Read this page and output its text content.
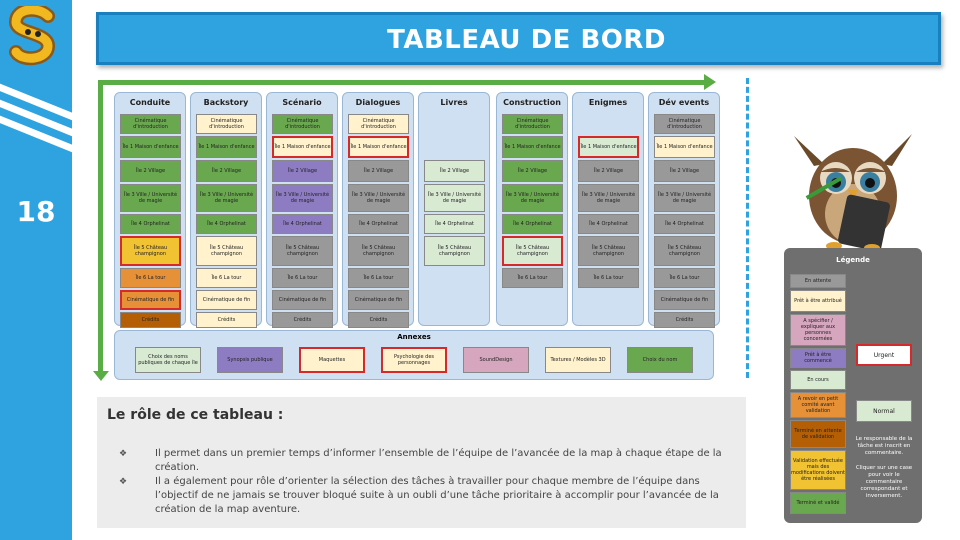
18
TABLEAU DE BORD
Annexes
Choix des noms publiques de chaque île	Synopsis publique	Maquettes	Psychologie des personnages	SoundDesign	Textures / Modèles 3D	Choix du nom
Conduite
Cinématique d'introduction
Île 1 Maison d'enfance
Île 2 Village
Île 3 Ville / Université de magie
Île 4 Orphelinat
Île 5 Château champignon
Île 6 La tour
Cinématique de fin
Crédits
Backstory
Cinématique d'introduction
Île 1 Maison d'enfance
Île 2 Village
Île 3 Ville / Université de magie
Île 4 Orphelinat
Île 5 Château champignon
Île 6 La tour
Cinématique de fin
Crédits
Scénario
Cinématique d'introduction
Île 1 Maison d'enfance
Île 2 Village
Île 3 Ville / Université de magie
Île 4 Orphelinat
Île 5 Château champignon
Île 6 La tour
Cinématique de fin
Crédits
Dialogues
Cinématique d'introduction
Île 1 Maison d'enfance
Île 2 Village
Île 3 Ville / Université de magie
Île 4 Orphelinat
Île 5 Château champignon
Île 6 La tour
Cinématique de fin
Crédits
Livres
Île 2 Village
Île 3 Ville / Université de magie
Île 4 Orphelinat
Île 5 Château champignon
Construction
Cinématique d'introduction
Île 1 Maison d'enfance
Île 2 Village
Île 3 Ville / Université de magie
Île 4 Orphelinat
Île 5 Château champignon
Île 6 La tour
Enigmes
Île 1 Maison d'enfance
Île 2 Village
Île 3 Ville / Université de magie
Île 4 Orphelinat
Île 5 Château champignon
Île 6 La tour
Dév events
Cinématique d'introduction
Île 1 Maison d'enfance
Île 2 Village
Île 3 Ville / Université de magie
Île 4 Orphelinat
Île 5 Château champignon
Île 6 La tour
Cinématique de fin
Crédits
Le rôle de ce tableau :
❖	Il permet dans un premier temps d’informer l’ensemble de l’équipe de l’avancée de la map à chaque étape de la création.
❖	Il a également pour rôle d’orienter la sélection des tâches à travailler pour chaque membre de l’équipe dans l’objectif de ne jamais se trouver bloqué suite à un oubli d’une tâche prioritaire à accomplir pour l’avancée de la création de la map aventure.
Légende
Urgent
Normal
Le responsable de la tâche est inscrit en commentaire.
Cliquer sur une case pour voir le commentaire correspondant et inversement.
En attente
Prêt à être attribué
A spécifier / expliquer aux personnes concernées
Prêt à être commencé
En cours
A revoir en petit comité avant validation
Terminé en attente de validation
Validation effectuée mais des modifications doivent être réalisées
Terminé et validé
